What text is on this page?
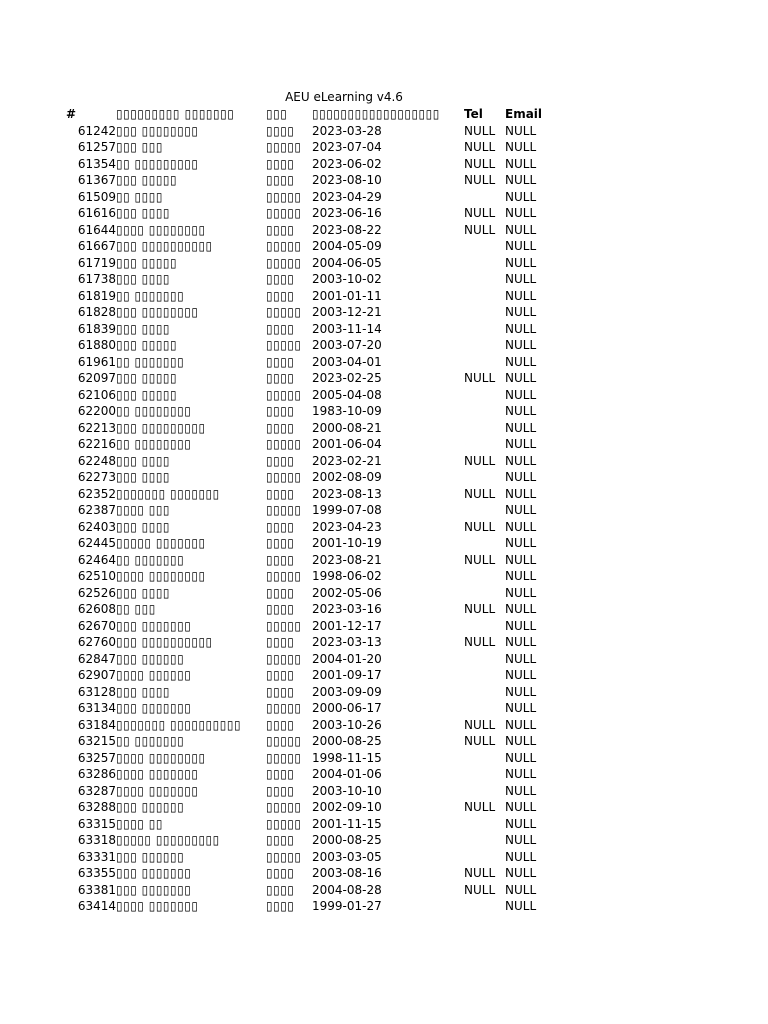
AEU eLearning v4.6
#	▯▯▯▯▯▯▯▯▯ ▯▯▯▯▯▯▯	▯▯▯	▯▯▯▯▯▯▯▯▯▯▯▯▯▯▯▯▯▯	Tel	Email
61242	▯▯▯ ▯▯▯▯▯▯▯▯	▯▯▯▯	2023-03-28	NULL	NULL
61257	▯▯▯ ▯▯▯	▯▯▯▯▯	2023-07-04	NULL	NULL
61354	▯▯ ▯▯▯▯▯▯▯▯▯	▯▯▯▯	2023-06-02	NULL	NULL
61367	▯▯▯ ▯▯▯▯▯	▯▯▯▯	2023-08-10	NULL	NULL
61509	▯▯ ▯▯▯▯	▯▯▯▯▯	2023-04-29		NULL
61616	▯▯▯ ▯▯▯▯	▯▯▯▯▯	2023-06-16	NULL	NULL
61644	▯▯▯▯ ▯▯▯▯▯▯▯▯	▯▯▯▯	2023-08-22	NULL	NULL
61667	▯▯▯ ▯▯▯▯▯▯▯▯▯▯	▯▯▯▯▯	2004-05-09		NULL
61719	▯▯▯ ▯▯▯▯▯	▯▯▯▯▯	2004-06-05		NULL
61738	▯▯▯ ▯▯▯▯	▯▯▯▯	2003-10-02		NULL
61819	▯▯ ▯▯▯▯▯▯▯	▯▯▯▯	2001-01-11		NULL
61828	▯▯▯ ▯▯▯▯▯▯▯▯	▯▯▯▯▯	2003-12-21		NULL
61839	▯▯▯ ▯▯▯▯	▯▯▯▯	2003-11-14		NULL
61880	▯▯▯ ▯▯▯▯▯	▯▯▯▯▯	2003-07-20		NULL
61961	▯▯ ▯▯▯▯▯▯▯	▯▯▯▯	2003-04-01		NULL
62097	▯▯▯ ▯▯▯▯▯	▯▯▯▯	2023-02-25	NULL	NULL
62106	▯▯▯ ▯▯▯▯▯	▯▯▯▯▯	2005-04-08		NULL
62200	▯▯ ▯▯▯▯▯▯▯▯	▯▯▯▯	1983-10-09		NULL
62213	▯▯▯ ▯▯▯▯▯▯▯▯▯	▯▯▯▯	2000-08-21		NULL
62216	▯▯ ▯▯▯▯▯▯▯▯	▯▯▯▯▯	2001-06-04		NULL
62248	▯▯▯ ▯▯▯▯	▯▯▯▯	2023-02-21	NULL	NULL
62273	▯▯▯ ▯▯▯▯	▯▯▯▯▯	2002-08-09		NULL
62352	▯▯▯▯▯▯▯ ▯▯▯▯▯▯▯	▯▯▯▯	2023-08-13	NULL	NULL
62387	▯▯▯▯ ▯▯▯	▯▯▯▯▯	1999-07-08		NULL
62403	▯▯▯ ▯▯▯▯	▯▯▯▯	2023-04-23	NULL	NULL
62445	▯▯▯▯▯ ▯▯▯▯▯▯▯	▯▯▯▯	2001-10-19		NULL
62464	▯▯ ▯▯▯▯▯▯▯	▯▯▯▯	2023-08-21	NULL	NULL
62510	▯▯▯▯ ▯▯▯▯▯▯▯▯	▯▯▯▯▯	1998-06-02		NULL
62526	▯▯▯ ▯▯▯▯	▯▯▯▯	2002-05-06		NULL
62608	▯▯ ▯▯▯	▯▯▯▯	2023-03-16	NULL	NULL
62670	▯▯▯ ▯▯▯▯▯▯▯	▯▯▯▯▯	2001-12-17		NULL
62760	▯▯▯ ▯▯▯▯▯▯▯▯▯▯	▯▯▯▯	2023-03-13	NULL	NULL
62847	▯▯▯ ▯▯▯▯▯▯	▯▯▯▯▯	2004-01-20		NULL
62907	▯▯▯▯ ▯▯▯▯▯▯	▯▯▯▯	2001-09-17		NULL
63128	▯▯▯ ▯▯▯▯	▯▯▯▯	2003-09-09		NULL
63134	▯▯▯ ▯▯▯▯▯▯▯	▯▯▯▯▯	2000-06-17		NULL
63184	▯▯▯▯▯▯▯ ▯▯▯▯▯▯▯▯▯▯	▯▯▯▯	2003-10-26	NULL	NULL
63215	▯▯ ▯▯▯▯▯▯▯	▯▯▯▯▯	2000-08-25	NULL	NULL
63257	▯▯▯▯ ▯▯▯▯▯▯▯▯	▯▯▯▯▯	1998-11-15		NULL
63286	▯▯▯▯ ▯▯▯▯▯▯▯	▯▯▯▯	2004-01-06		NULL
63287	▯▯▯▯ ▯▯▯▯▯▯▯	▯▯▯▯	2003-10-10		NULL
63288	▯▯▯ ▯▯▯▯▯▯	▯▯▯▯▯	2002-09-10	NULL	NULL
63315	▯▯▯▯ ▯▯	▯▯▯▯▯	2001-11-15		NULL
63318	▯▯▯▯▯ ▯▯▯▯▯▯▯▯▯	▯▯▯▯	2000-08-25		NULL
63331	▯▯▯ ▯▯▯▯▯▯	▯▯▯▯▯	2003-03-05		NULL
63355	▯▯▯ ▯▯▯▯▯▯▯	▯▯▯▯	2003-08-16	NULL	NULL
63381	▯▯▯ ▯▯▯▯▯▯▯	▯▯▯▯	2004-08-28	NULL	NULL
63414	▯▯▯▯ ▯▯▯▯▯▯▯	▯▯▯▯	1999-01-27		NULL
